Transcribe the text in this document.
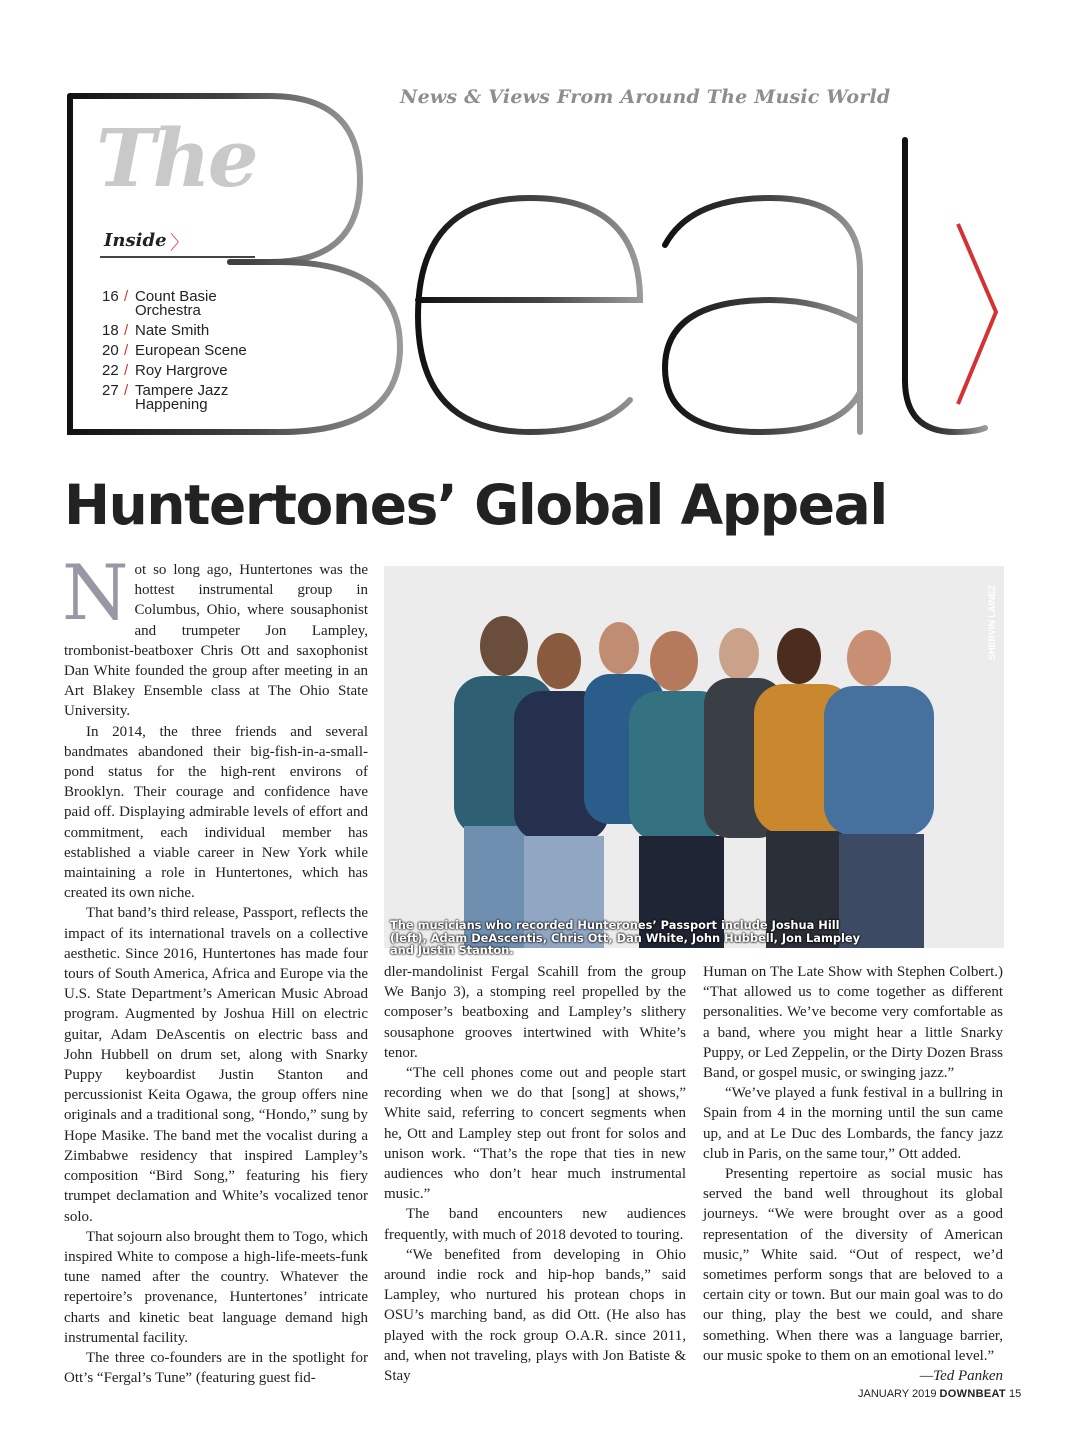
News & Views From Around The Music World
The
Inside 〉
16 / Count Basie Orchestra
18 / Nate Smith
20 / European Scene
22 / Roy Hargrove
27 / Tampere Jazz Happening
Huntertones’ Global Appeal

Not so long ago, Huntertones was the hottest instrumental group in Columbus, Ohio, where sousaphonist and trumpeter Jon Lampley, trombonist-beatboxer Chris Ott and saxophonist Dan White founded the group after meeting in an Art Blakey Ensemble class at The Ohio State University.

In 2014, the three friends and several bandmates abandoned their big-fish-in-a-small-pond status for the high-rent environs of Brooklyn. Their courage and confidence have paid off. Displaying admirable levels of effort and commitment, each individual member has established a viable career in New York while maintaining a role in Huntertones, which has created its own niche.

That band’s third release, Passport, reflects the impact of its international travels on a collective aesthetic. Since 2016, Huntertones has made four tours of South America, Africa and Europe via the U.S. State Department’s American Music Abroad program. Augmented by Joshua Hill on electric guitar, Adam DeAscentis on electric bass and John Hubbell on drum set, along with Snarky Puppy keyboardist Justin Stanton and percussionist Keita Ogawa, the group offers nine originals and a traditional song, “Hondo,” sung by Hope Masike. The band met the vocalist during a Zimbabwe residency that inspired Lampley’s composition “Bird Song,” featuring his fiery trumpet declamation and White’s vocalized tenor solo.

That sojourn also brought them to Togo, which inspired White to compose a high-life-meets-funk tune named after the country. Whatever the repertoire’s provenance, Huntertones’ intricate charts and kinetic beat language demand high instrumental facility.

The three co-founders are in the spotlight for Ott’s “Fergal’s Tune” (featuring guest fid-

SHERVIN LAINEZ
The musicians who recorded Hunterones’ Passport include Joshua Hill (left), Adam DeAscentis, Chris Ott, Dan White, John Hubbell, Jon Lampley and Justin Stanton.

dler-mandolinist Fergal Scahill from the group We Banjo 3), a stomping reel propelled by the composer’s beatboxing and Lampley’s slithery sousaphone grooves intertwined with White’s tenor.

“The cell phones come out and people start recording when we do that [song] at shows,” White said, referring to concert segments when he, Ott and Lampley step out front for solos and unison work. “That’s the rope that ties in new audiences who don’t hear much instrumental music.”

The band encounters new audiences frequently, with much of 2018 devoted to touring.

“We benefited from developing in Ohio around indie rock and hip-hop bands,” said Lampley, who nurtured his protean chops in OSU’s marching band, as did Ott. (He also has played with the rock group O.A.R. since 2011, and, when not traveling, plays with Jon Batiste & Stay

Human on The Late Show with Stephen Colbert.) “That allowed us to come together as different personalities. We’ve become very comfortable as a band, where you might hear a little Snarky Puppy, or Led Zeppelin, or the Dirty Dozen Brass Band, or gospel music, or swinging jazz.”

“We’ve played a funk festival in a bullring in Spain from 4 in the morning until the sun came up, and at Le Duc des Lombards, the fancy jazz club in Paris, on the same tour,” Ott added.

Presenting repertoire as social music has served the band well throughout its global journeys. “We were brought over as a good representation of the diversity of American music,” White said. “Out of respect, we’d sometimes perform songs that are beloved to a certain city or town. But our main goal was to do our thing, play the best we could, and share something. When there was a language barrier, our music spoke to them on an emotional level.”
—Ted Panken

JANUARY 2019 DOWNBEAT 15
